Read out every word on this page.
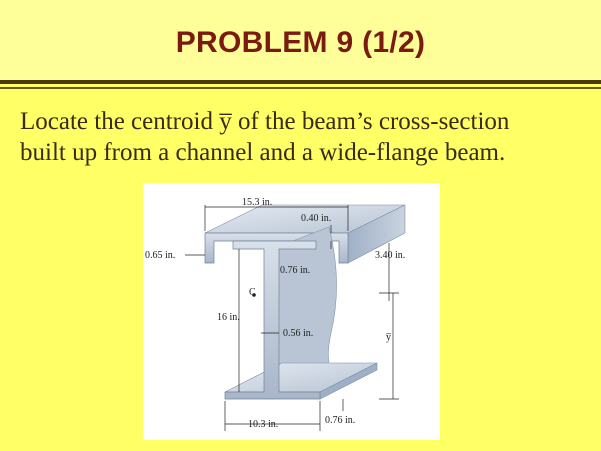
PROBLEM 9 (1/2)
Locate the centroid y̅ of the beam’s cross-section
built up from a channel and a wide-flange beam.
15.3 in.
0.40 in.
0.65 in.	3.40 in.
0.76 in.
C
16 in.
0.56 in.	y̅
10.3 in.	0.76 in.
